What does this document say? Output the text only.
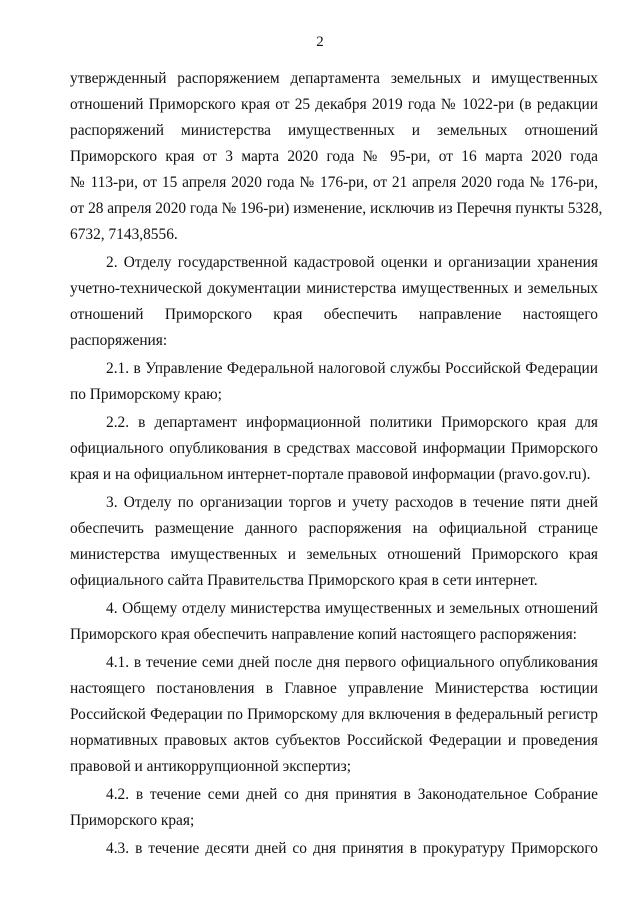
2
утвержденный распоряжением департамента земельных и имущественных
отношений Приморского края от 25 декабря 2019 года № 1022-ри (в редакции
распоряжений министерства имущественных и земельных отношений
Приморского края от 3 марта 2020 года № 95-ри, от 16 марта 2020 года
№ 113-ри, от 15 апреля 2020 года № 176-ри, от 21 апреля 2020 года № 176-ри,
от 28 апреля 2020 года № 196-ри) изменение, исключив из Перечня пункты 5328,
6732, 7143,8556.
2. Отделу государственной кадастровой оценки и организации хранения
учетно-технической документации министерства имущественных и земельных
отношений Приморского края обеспечить направление настоящего
распоряжения:
2.1. в Управление Федеральной налоговой службы Российской Федерации
по Приморскому краю;
2.2. в департамент информационной политики Приморского края для
официального опубликования в средствах массовой информации Приморского
края и на официальном интернет-портале правовой информации (pravo.gov.ru).
3. Отделу по организации торгов и учету расходов в течение пяти дней
обеспечить размещение данного распоряжения на официальной странице
министерства имущественных и земельных отношений Приморского края
официального сайта Правительства Приморского края в сети интернет.
4. Общему отделу министерства имущественных и земельных отношений
Приморского края обеспечить направление копий настоящего распоряжения:
4.1. в течение семи дней после дня первого официального опубликования
настоящего постановления в Главное управление Министерства юстиции
Российской Федерации по Приморскому для включения в федеральный регистр
нормативных правовых актов субъектов Российской Федерации и проведения
правовой и антикоррупционной экспертиз;
4.2. в течение семи дней со дня принятия в Законодательное Собрание
Приморского края;
4.3. в течение десяти дней со дня принятия в прокуратуру Приморского
